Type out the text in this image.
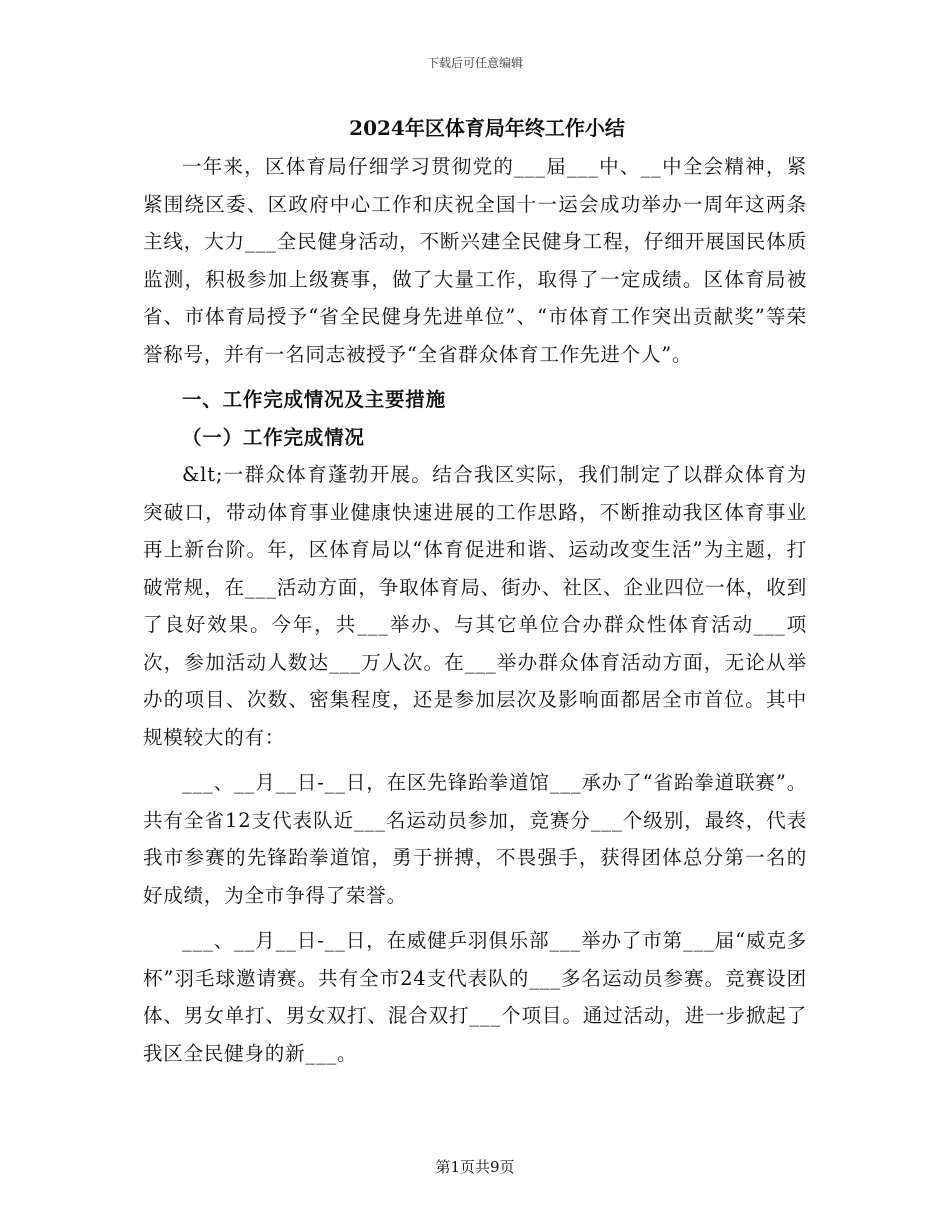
下载后可任意编辑
2024年区体育局年终工作小结

一年来，区体育局仔细学习贯彻党的___届___中、__中全会精神，紧紧围绕区委、区政府中心工作和庆祝全国十一运会成功举办一周年这两条主线，大力___全民健身活动，不断兴建全民健身工程，仔细开展国民体质监测，积极参加上级赛事，做了大量工作，取得了一定成绩。区体育局被省、市体育局授予“省全民健身先进单位”、“市体育工作突出贡献奖”等荣誉称号，并有一名同志被授予“全省群众体育工作先进个人”。

一、工作完成情况及主要措施

（一）工作完成情况

&lt;一群众体育蓬勃开展。结合我区实际，我们制定了以群众体育为突破口，带动体育事业健康快速进展的工作思路，不断推动我区体育事业再上新台阶。年，区体育局以“体育促进和谐、运动改变生活”为主题，打破常规，在___活动方面，争取体育局、街办、社区、企业四位一体，收到了良好效果。今年，共___举办、与其它单位合办群众性体育活动___项次，参加活动人数达___万人次。在___举办群众体育活动方面，无论从举办的项目、次数、密集程度，还是参加层次及影响面都居全市首位。其中规模较大的有：

___、__月__日-__日，在区先锋跆拳道馆___承办了“省跆拳道联赛”。共有全省12支代表队近___名运动员参加，竞赛分___个级别，最终，代表我市参赛的先锋跆拳道馆，勇于拼搏，不畏强手，获得团体总分第一名的好成绩，为全市争得了荣誉。

___、__月__日-__日，在威健乒羽俱乐部___举办了市第___届“威克多杯”羽毛球邀请赛。共有全市24支代表队的___多名运动员参赛。竞赛设团体、男女单打、男女双打、混合双打___个项目。通过活动，进一步掀起了我区全民健身的新___。

第1页共9页
